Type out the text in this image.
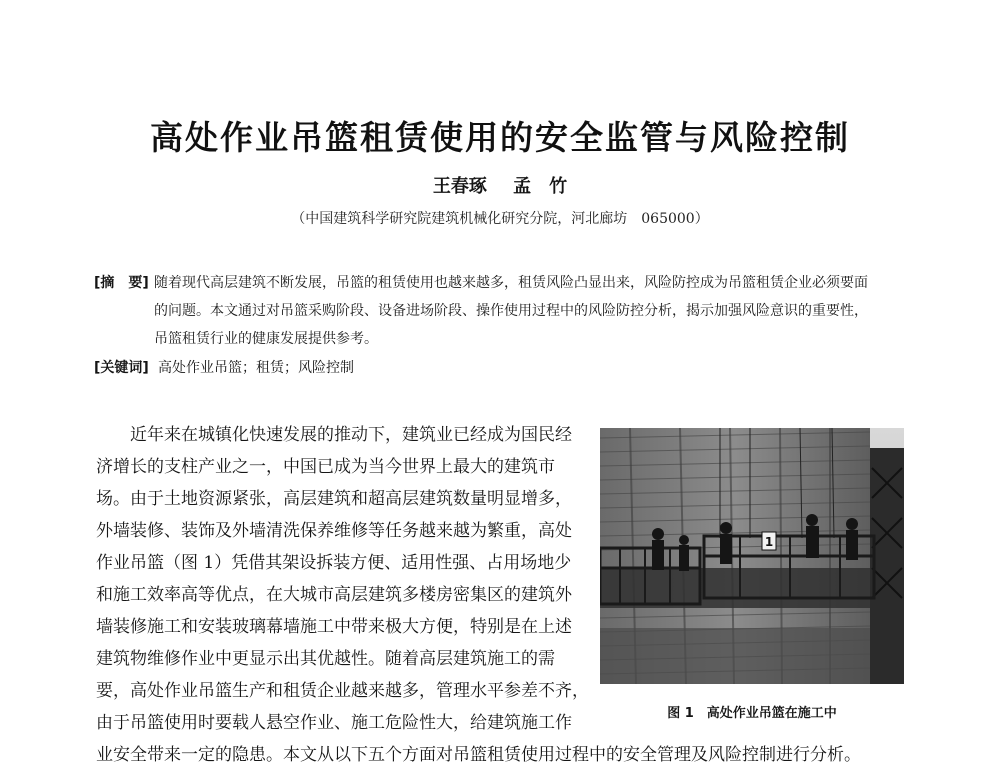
高处作业吊篮租赁使用的安全监管与风险控制
王春琢 孟　竹
（中国建筑科学研究院建筑机械化研究分院，河北廊坊　065000）
[摘　要] 随着现代高层建筑不断发展，吊篮的租赁使用也越来越多，租赁风险凸显出来，风险防控成为吊篮租赁企业必须要面
的问题。本文通过对吊篮采购阶段、设备进场阶段、操作使用过程中的风险防控分析，揭示加强风险意识的重要性，
吊篮租赁行业的健康发展提供参考。
[关键词] 高处作业吊篮；租赁；风险控制
　　近年来在城镇化快速发展的推动下，建筑业已经成为国民经
济增长的支柱产业之一，中国已成为当今世界上最大的建筑市
场。由于土地资源紧张，高层建筑和超高层建筑数量明显增多，
外墙装修、装饰及外墙清洗保养维修等任务越来越为繁重，高处
作业吊篮（图 1）凭借其架设拆装方便、适用性强、占用场地少
和施工效率高等优点，在大城市高层建筑多楼房密集区的建筑外
墙装修施工和安装玻璃幕墙施工中带来极大方便，特别是在上述
建筑物维修作业中更显示出其优越性。随着高层建筑施工的需
要，高处作业吊篮生产和租赁企业越来越多，管理水平参差不齐，
由于吊篮使用时要载人悬空作业、施工危险性大，给建筑施工作
业安全带来一定的隐患。本文从以下五个方面对吊篮租赁使用过程中的安全管理及风险控制进行分析。
1
图 1　高处作业吊篮在施工中
